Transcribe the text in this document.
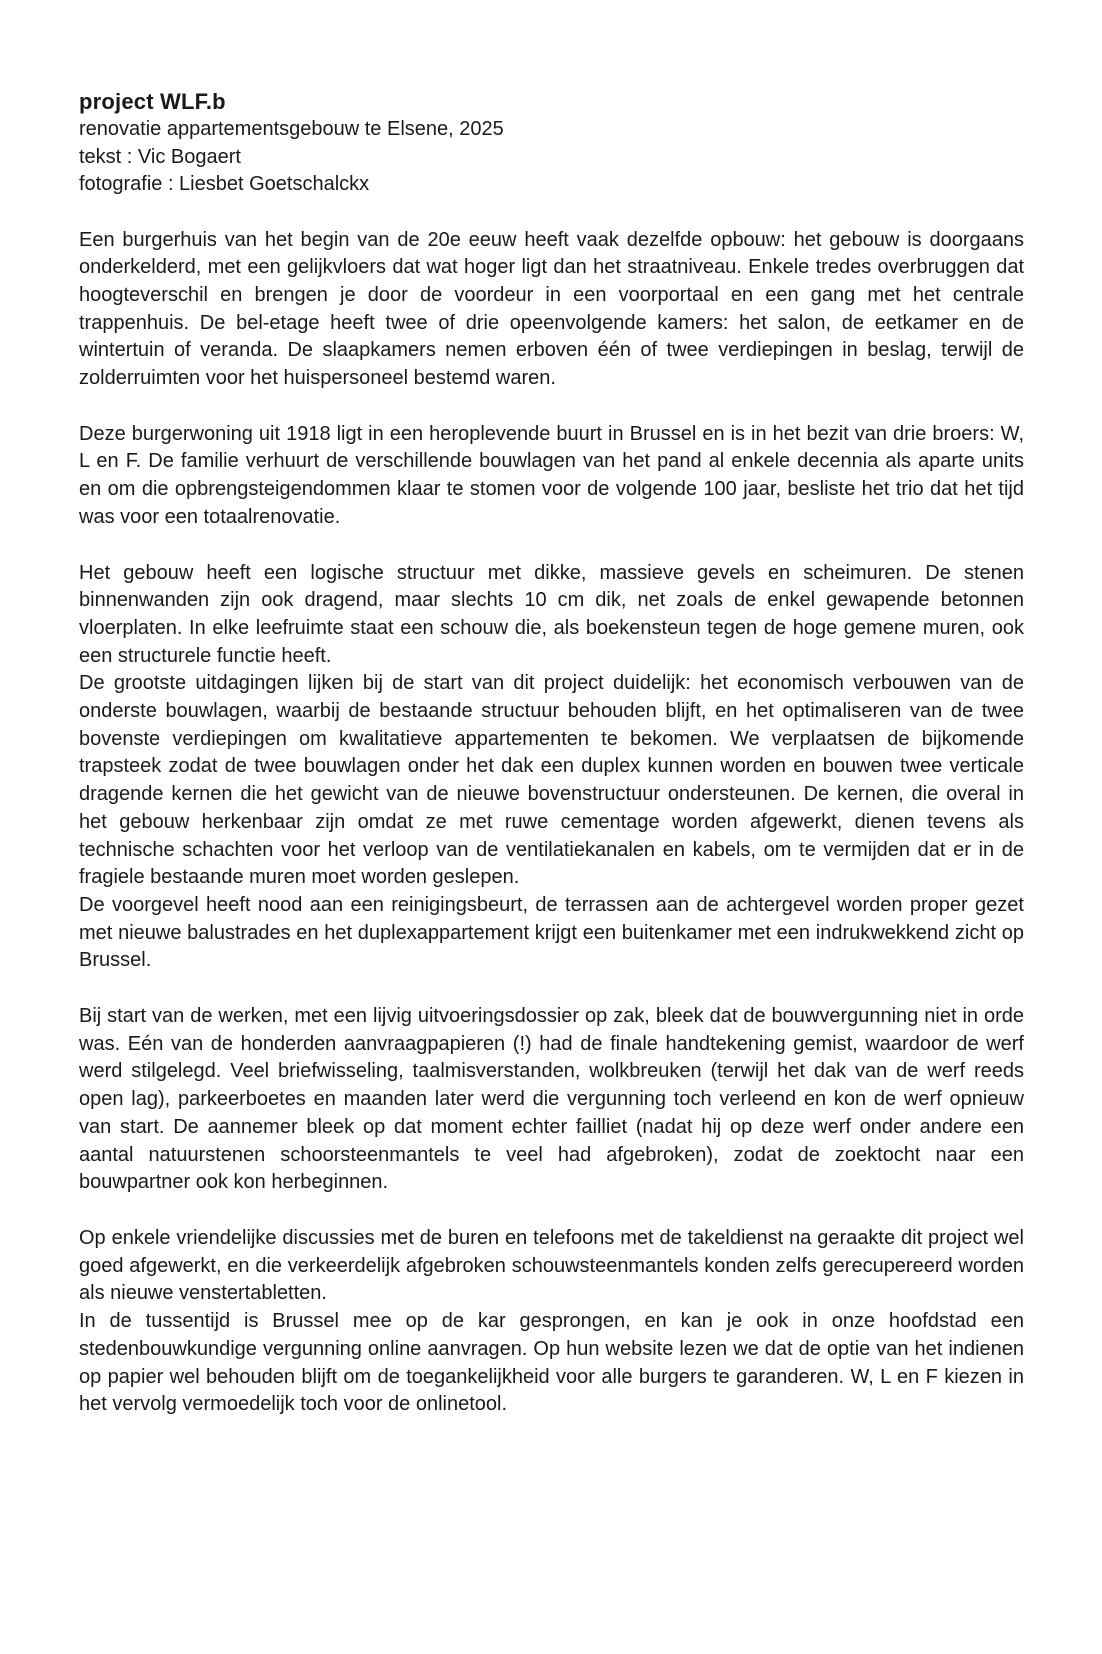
project WLF.b

renovatie appartementsgebouw te Elsene, 2025

tekst : Vic Bogaert

fotografie : Liesbet Goetschalckx

Een burgerhuis van het begin van de 20e eeuw heeft vaak dezelfde opbouw: het gebouw is doorgaans onderkelderd, met een gelijkvloers dat wat hoger ligt dan het straatniveau. Enkele tredes overbruggen dat hoogteverschil en brengen je door de voordeur in een voorportaal en een gang met het centrale trappenhuis. De bel-etage heeft twee of drie opeenvolgende kamers: het salon, de eetkamer en de wintertuin of veranda. De slaapkamers nemen erboven één of twee verdiepingen in beslag, terwijl de zolderruimten voor het huispersoneel bestemd waren.

Deze burgerwoning uit 1918 ligt in een heroplevende buurt in Brussel en is in het bezit van drie broers: W, L en F. De familie verhuurt de verschillende bouwlagen van het pand al enkele decennia als aparte units en om die opbrengsteigendommen klaar te stomen voor de volgende 100 jaar, besliste het trio dat het tijd was voor een totaalrenovatie.

Het gebouw heeft een logische structuur met dikke, massieve gevels en scheimuren. De stenen binnenwanden zijn ook dragend, maar slechts 10 cm dik, net zoals de enkel gewapende betonnen vloerplaten. In elke leefruimte staat een schouw die, als boekensteun tegen de hoge gemene muren, ook een structurele functie heeft.

De grootste uitdagingen lijken bij de start van dit project duidelijk: het economisch verbouwen van de onderste bouwlagen, waarbij de bestaande structuur behouden blijft, en het optimaliseren van de twee bovenste verdiepingen om kwalitatieve appartementen te bekomen. We verplaatsen de bijkomende trapsteek zodat de twee bouwlagen onder het dak een duplex kunnen worden en bouwen twee verticale dragende kernen die het gewicht van de nieuwe bovenstructuur ondersteunen. De kernen, die overal in het gebouw herkenbaar zijn omdat ze met ruwe cementage worden afgewerkt, dienen tevens als technische schachten voor het verloop van de ventilatiekanalen en kabels, om te vermijden dat er in de fragiele bestaande muren moet worden geslepen.

De voorgevel heeft nood aan een reinigingsbeurt, de terrassen aan de achtergevel worden proper gezet met nieuwe balustrades en het duplexappartement krijgt een buitenkamer met een indrukwekkend zicht op Brussel.

Bij start van de werken, met een lijvig uitvoeringsdossier op zak, bleek dat de bouwvergunning niet in orde was. Eén van de honderden aanvraagpapieren (!) had de finale handtekening gemist, waardoor de werf werd stilgelegd. Veel briefwisseling, taalmisverstanden, wolkbreuken (terwijl het dak van de werf reeds open lag), parkeerboetes en maanden later werd die vergunning toch verleend en kon de werf opnieuw van start. De aannemer bleek op dat moment echter failliet (nadat hij op deze werf onder andere een aantal natuurstenen schoorsteenmantels te veel had afgebroken), zodat de zoektocht naar een bouwpartner ook kon herbeginnen.

Op enkele vriendelijke discussies met de buren en telefoons met de takeldienst na geraakte dit project wel goed afgewerkt, en die verkeerdelijk afgebroken schouwsteenmantels konden zelfs gerecupereerd worden als nieuwe venstertabletten.

In de tussentijd is Brussel mee op de kar gesprongen, en kan je ook in onze hoofdstad een stedenbouwkundige vergunning online aanvragen. Op hun website lezen we dat de optie van het indienen op papier wel behouden blijft om de toegankelijkheid voor alle burgers te garanderen. W, L en F kiezen in het vervolg vermoedelijk toch voor de onlinetool.
